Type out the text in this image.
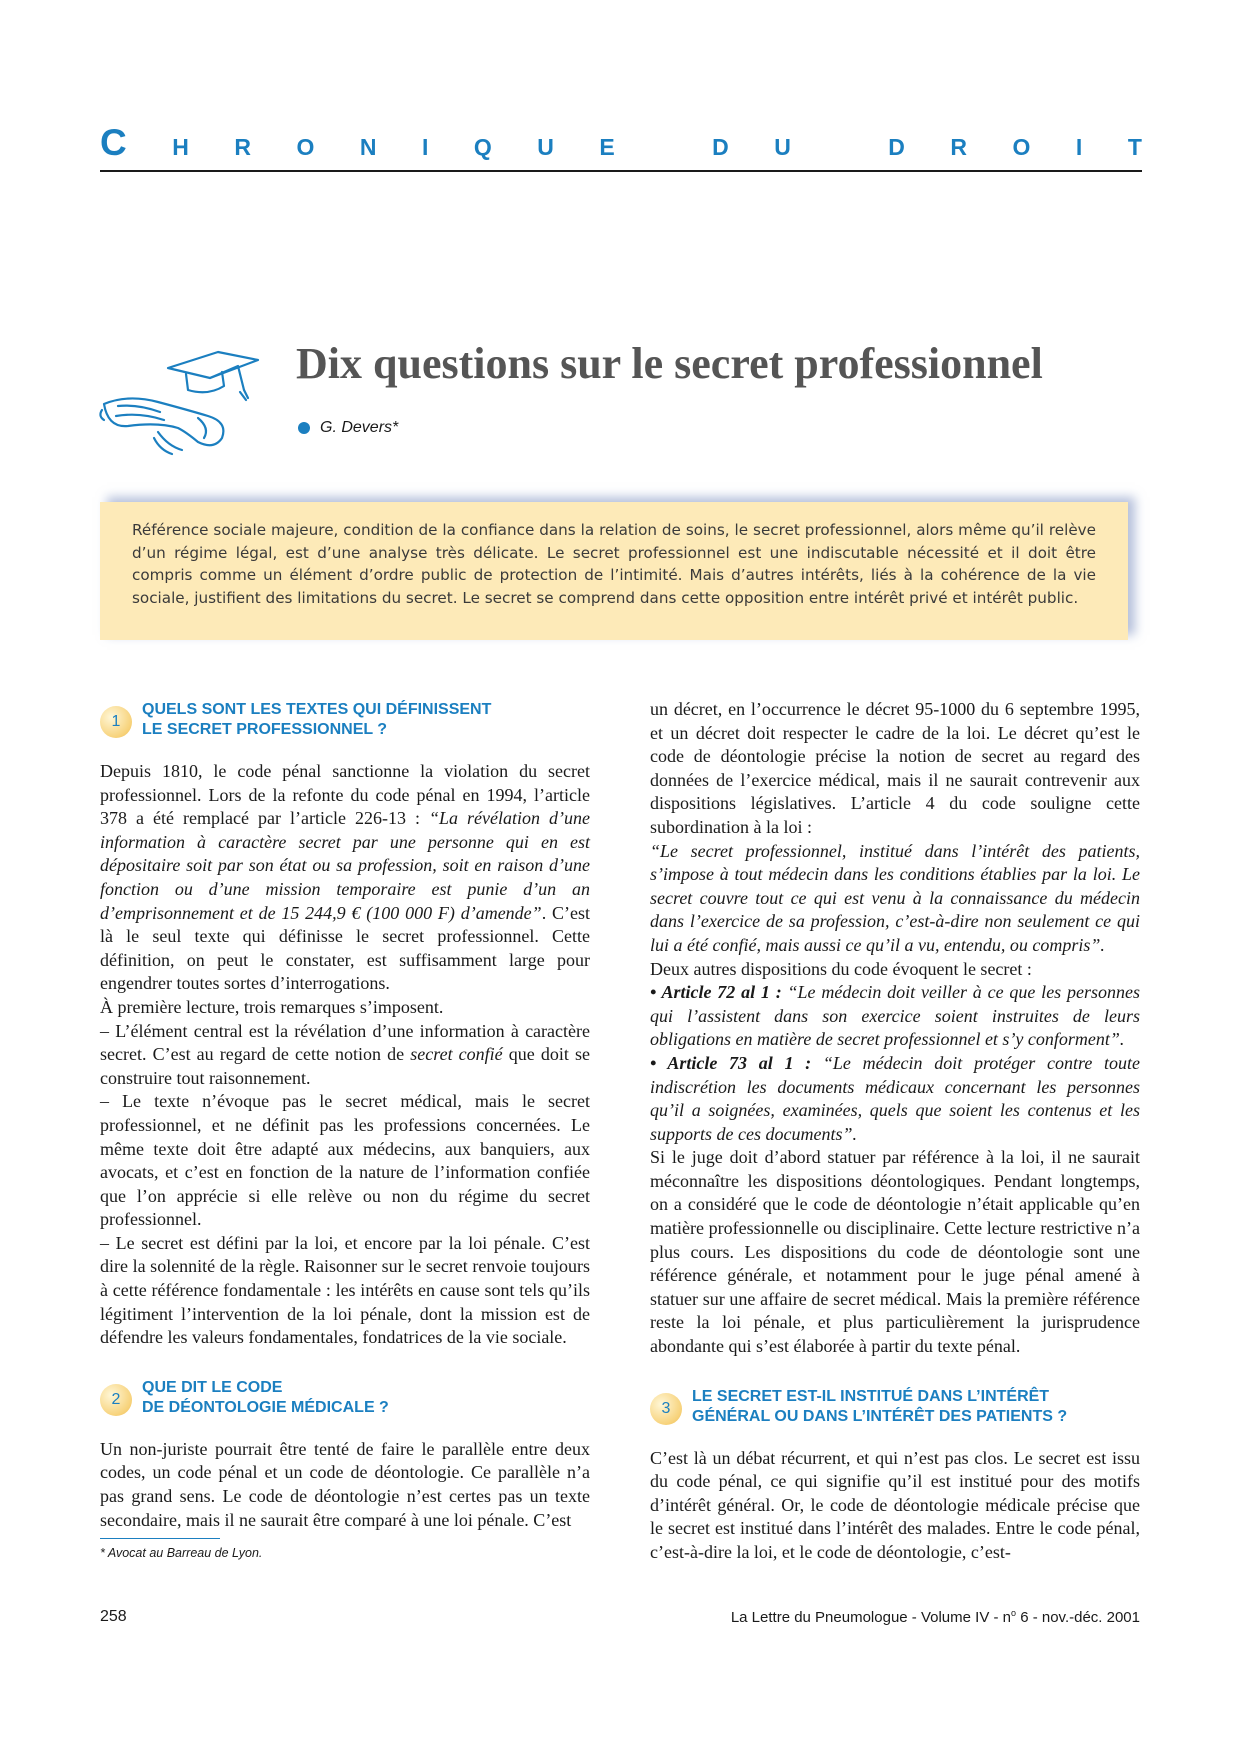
C H R O N I Q U E
	D U
	D R O I T
Dix questions sur le secret professionnel
G. Devers*

Référence sociale majeure, condition de la confiance dans la relation de soins, le secret professionnel, alors même qu’il relève d’un régime légal, est d’une analyse très délicate. Le secret professionnel est une indiscutable nécessité et il doit être compris comme un élément d’ordre public de protection de l’intimité. Mais d’autres intérêts, liés à la cohérence de la vie sociale, justifient des limitations du secret. Le secret se comprend dans cette opposition entre intérêt privé et intérêt public.

1
QUELS SONT LES TEXTES QUI DÉFINISSENT
LE SECRET PROFESSIONNEL ?

Depuis 1810, le code pénal sanctionne la violation du secret professionnel. Lors de la refonte du code pénal en 1994, l’article 378 a été remplacé par l’article 226-13 : “La révélation d’une information à caractère secret par une personne qui en est dépositaire soit par son état ou sa profession, soit en raison d’une fonction ou d’une mission temporaire est punie d’un an d’emprisonnement et de 15 244,9 € (100 000 F) d’amende”. C’est là le seul texte qui définisse le secret professionnel. Cette définition, on peut le constater, est suffisamment large pour engendrer toutes sortes d’interrogations.

À première lecture, trois remarques s’imposent.

– L’élément central est la révélation d’une information à caractère secret. C’est au regard de cette notion de secret confié que doit se construire tout raisonnement.

– Le texte n’évoque pas le secret médical, mais le secret professionnel, et ne définit pas les professions concernées. Le même texte doit être adapté aux médecins, aux banquiers, aux avocats, et c’est en fonction de la nature de l’information confiée que l’on apprécie si elle relève ou non du régime du secret professionnel.

– Le secret est défini par la loi, et encore par la loi pénale. C’est dire la solennité de la règle. Raisonner sur le secret renvoie toujours à cette référence fondamentale : les intérêts en cause sont tels qu’ils légitiment l’intervention de la loi pénale, dont la mission est de défendre les valeurs fondamentales, fondatrices de la vie sociale.

2
QUE DIT LE CODE
DE DÉONTOLOGIE MÉDICALE ?

Un non-juriste pourrait être tenté de faire le parallèle entre deux codes, un code pénal et un code de déontologie. Ce parallèle n’a pas grand sens. Le code de déontologie n’est certes pas un texte secondaire, mais il ne saurait être comparé à une loi pénale. C’est

un décret, en l’occurrence le décret 95-1000 du 6 septembre 1995, et un décret doit respecter le cadre de la loi. Le décret qu’est le code de déontologie précise la notion de secret au regard des données de l’exercice médical, mais il ne saurait contrevenir aux dispositions législatives. L’article 4 du code souligne cette subordination à la loi :

“Le secret professionnel, institué dans l’intérêt des patients, s’impose à tout médecin dans les conditions établies par la loi. Le secret couvre tout ce qui est venu à la connaissance du médecin dans l’exercice de sa profession, c’est-à-dire non seulement ce qui lui a été confié, mais aussi ce qu’il a vu, entendu, ou compris”.

Deux autres dispositions du code évoquent le secret :

• Article 72 al 1 : “Le médecin doit veiller à ce que les personnes qui l’assistent dans son exercice soient instruites de leurs obligations en matière de secret professionnel et s’y conforment”.

• Article 73 al 1 : “Le médecin doit protéger contre toute indiscrétion les documents médicaux concernant les personnes qu’il a soignées, examinées, quels que soient les contenus et les supports de ces documents”.

Si le juge doit d’abord statuer par référence à la loi, il ne saurait méconnaître les dispositions déontologiques. Pendant longtemps, on a considéré que le code de déontologie n’était applicable qu’en matière professionnelle ou disciplinaire. Cette lecture restrictive n’a plus cours. Les dispositions du code de déontologie sont une référence générale, et notamment pour le juge pénal amené à statuer sur une affaire de secret médical. Mais la première référence reste la loi pénale, et plus particulièrement la jurisprudence abondante qui s’est élaborée à partir du texte pénal.

3
LE SECRET EST-IL INSTITUÉ DANS L’INTÉRÊT
GÉNÉRAL OU DANS L’INTÉRÊT DES PATIENTS ?

C’est là un débat récurrent, et qui n’est pas clos. Le secret est issu du code pénal, ce qui signifie qu’il est institué pour des motifs d’intérêt général. Or, le code de déontologie médicale précise que le secret est institué dans l’intérêt des malades. Entre le code pénal, c’est-à-dire la loi, et le code de déontologie, c’est-

* Avocat au Barreau de Lyon.
258	La Lettre du Pneumologue - Volume IV - $n^o$ 6 - nov.-déc. 2001
